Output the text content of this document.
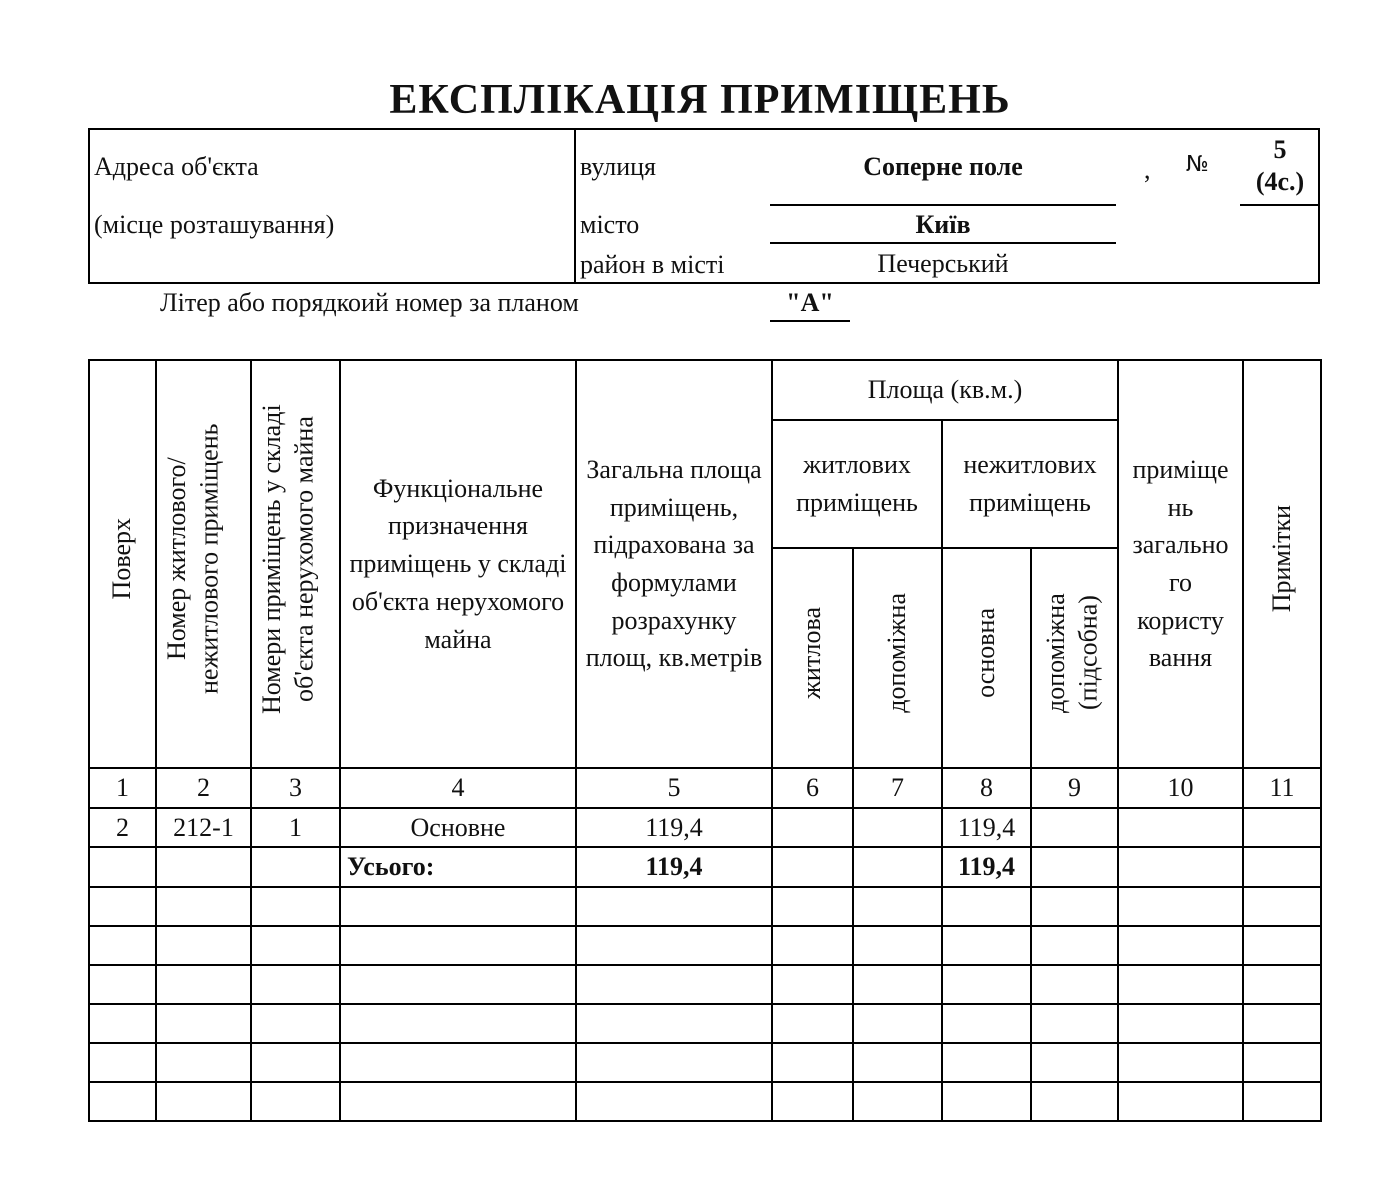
ЕКСПЛІКАЦІЯ ПРИМІЩЕНЬ
Адреса об'єкта
(місце розташування)
вулиця	Соперне поле	, №
5
(4с.)
місто	Київ
район в місті	Печерський
Літер або порядкоий номер за планом	"А"
Поверх	Номер житлового/нежитлового приміщень	Номери приміщень у складі об'єкта нерухомого майна	Функціональне призначення приміщень у складі об'єкта нерухомого майна	Загальна площа приміщень, підрахована за формулами розрахунку площ, кв.метрів	Площа (кв.м.)				приміще нь загально го користу вання	Примітки
					житлових приміщень		нежитлових приміщень			
					житлова	допоміжна	основна	допоміжна (підсобна)		
1	2	3	4	5	6	7	8	9	10	11
2	212-1	1	Основне	119,4			119,4			
			Усього:	119,4			119,4			
